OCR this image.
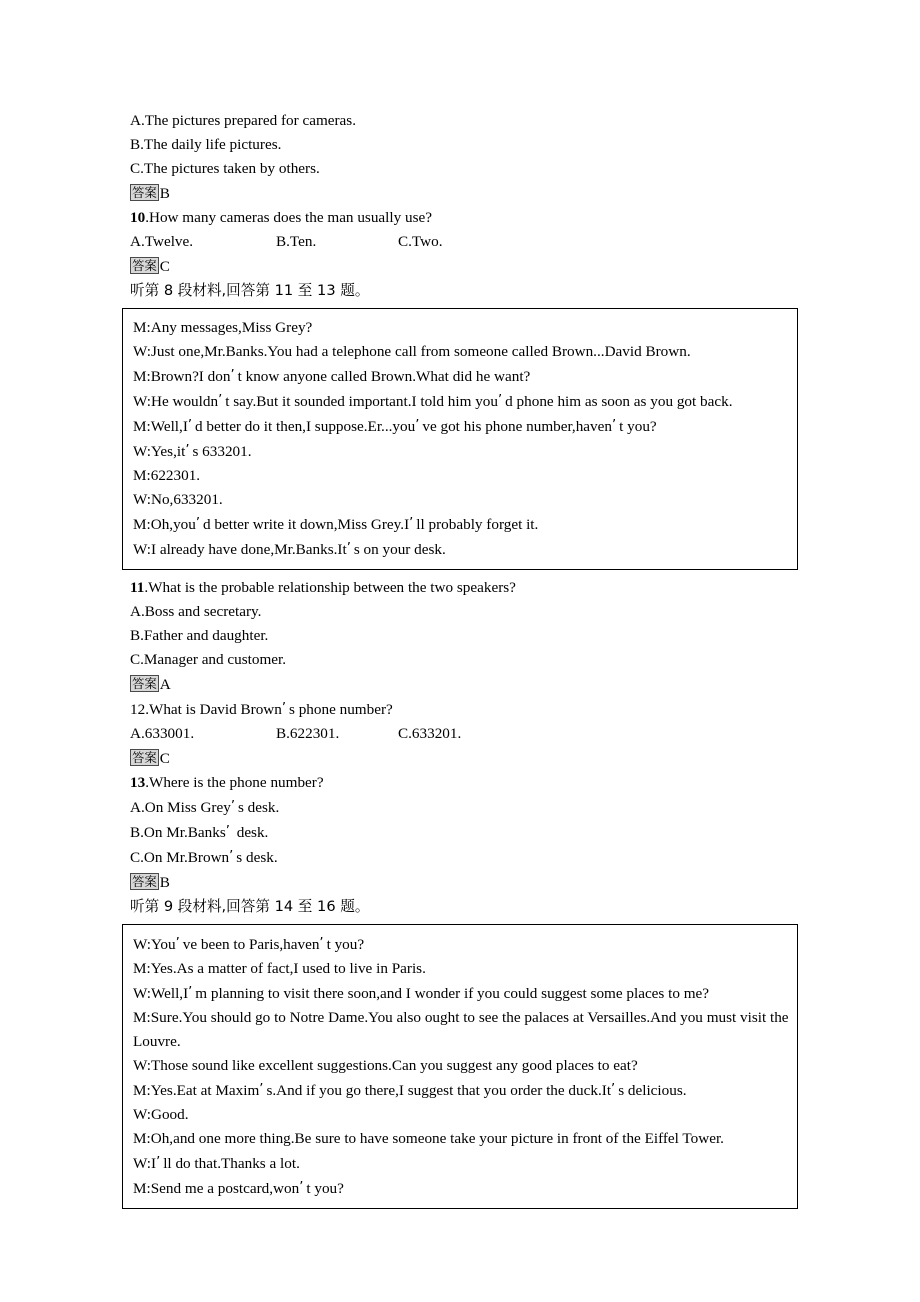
A.The pictures prepared for cameras.
B.The daily life pictures.
C.The pictures taken by others.
答案 B
10.How many cameras does the man usually use?
A.Twelve.	B.Ten.	C.Two.
答案 C
听第 8 段材料,回答第 11 至 13 题。
M:Any messages,Miss Grey?
W:Just one,Mr.Banks.You had a telephone call from someone called Brown...David Brown.
M:Brown?I don’ t know anyone called Brown.What did he want?
W:He wouldn’ t say.But it sounded important.I told him you’ d phone him as soon as you got back.
M:Well,I’ d better do it then,I suppose.Er...you’ ve got his phone number,haven’ t you?
W:Yes,it’ s 633201.
M:622301.
W:No,633201.
M:Oh,you’ d better write it down,Miss Grey.I’ ll probably forget it.
W:I already have done,Mr.Banks.It’ s on your desk.
11.What is the probable relationship between the two speakers?
A.Boss and secretary.
B.Father and daughter.
C.Manager and customer.
答案 A
12.What is David Brown’ s phone number?
A.633001.	B.622301.	C.633201.
答案 C
13.Where is the phone number?
A.On Miss Grey’ s desk.
B.On Mr.Banks’ desk.
C.On Mr.Brown’ s desk.
答案 B
听第 9 段材料,回答第 14 至 16 题。
W:You’ ve been to Paris,haven’ t you?
M:Yes.As a matter of fact,I used to live in Paris.
W:Well,I’ m planning to visit there soon,and I wonder if you could suggest some places to me?
M:Sure.You should go to Notre Dame.You also ought to see the palaces at Versailles.And you must visit the Louvre.
W:Those sound like excellent suggestions.Can you suggest any good places to eat?
M:Yes.Eat at Maxim’ s.And if you go there,I suggest that you order the duck.It’ s delicious.
W:Good.
M:Oh,and one more thing.Be sure to have someone take your picture in front of the Eiffel Tower.
W:I’ ll do that.Thanks a lot.
M:Send me a postcard,won’ t you?
